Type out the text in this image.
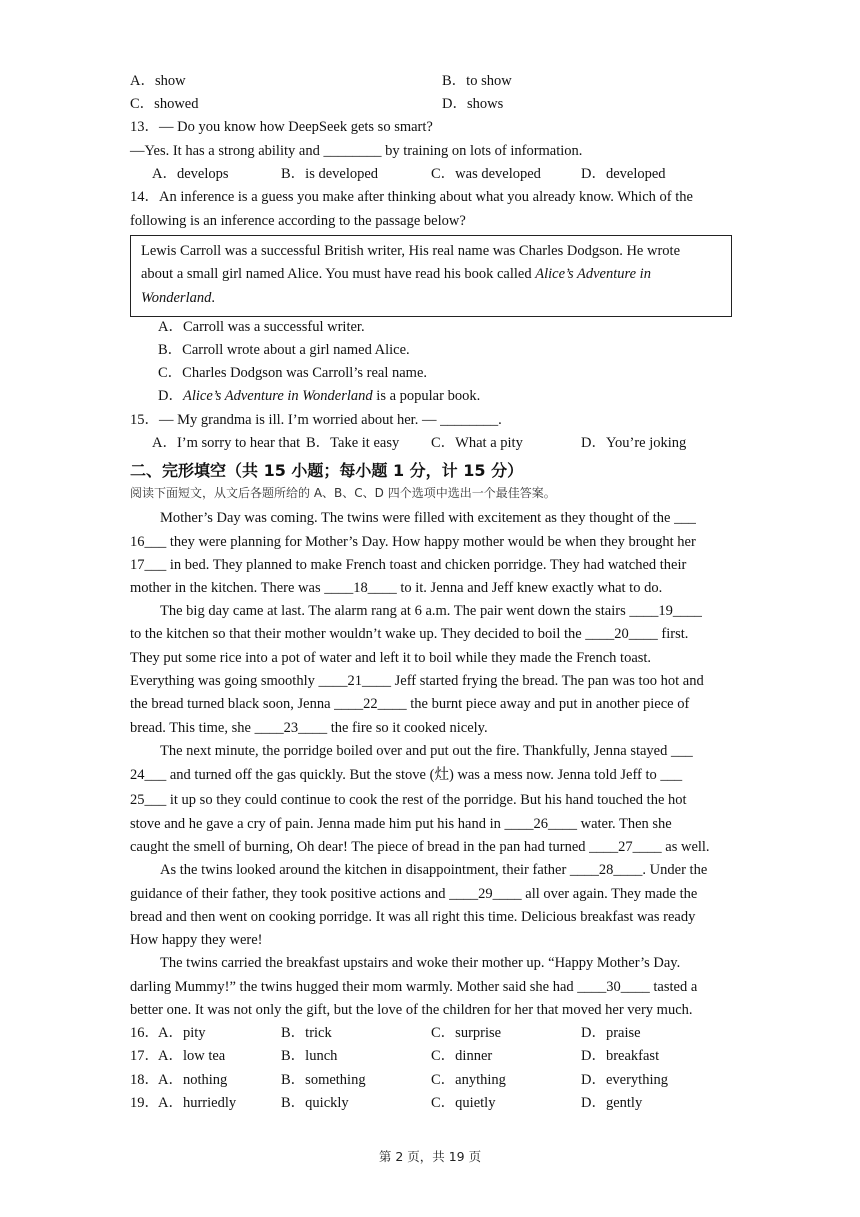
A．show	B．to show
C．showed	D．shows
13．— Do you know how DeepSeek gets so smart?
—Yes. It has a strong ability and ________ by training on lots of information.
A．develops	B．is developed	C．was developed	D．developed
14．An inference is a guess you make after thinking about what you already know. Which of the
following is an inference according to the passage below?
Lewis Carroll was a successful British writer, His real name was Charles Dodgson. He wrote
about a small girl named Alice. You must have read his book called Alice’s Adventure in
Wonderland.
A．Carroll was a successful writer.
B．Carroll wrote about a girl named Alice.
C．Charles Dodgson was Carroll’s real name.
D．Alice’s Adventure in Wonderland is a popular book.
15．— My grandma is ill. I’m worried about her. — ________.
A．I’m sorry to hear that B．Take it easy C．What a pity	D．You’re joking
二、完形填空（共 15 小题；每小题 1 分，计 15 分）
阅读下面短文，从文后各题所给的 A、B、C、D 四个选项中选出一个最佳答案。
Mother’s Day was coming. The twins were filled with excitement as they thought of the ___
16___ they were planning for Mother’s Day. How happy mother would be when they brought her
17___ in bed. They planned to make French toast and chicken porridge. They had watched their
mother in the kitchen. There was ____18____ to it. Jenna and Jeff knew exactly what to do.
The big day came at last. The alarm rang at 6 a.m. The pair went down the stairs ____19____
to the kitchen so that their mother wouldn’t wake up. They decided to boil the ____20____ first.
They put some rice into a pot of water and left it to boil while they made the French toast.
Everything was going smoothly ____21____ Jeff started frying the bread. The pan was too hot and
the bread turned black soon, Jenna ____22____ the burnt piece away and put in another piece of
bread. This time, she ____23____ the fire so it cooked nicely.
The next minute, the porridge boiled over and put out the fire. Thankfully, Jenna stayed ___
24___ and turned off the gas quickly. But the stove (灶) was a mess now. Jenna told Jeff to ___
25___ it up so they could continue to cook the rest of the porridge. But his hand touched the hot
stove and he gave a cry of pain. Jenna made him put his hand in ____26____ water. Then she
caught the smell of burning, Oh dear! The piece of bread in the pan had turned ____27____ as well.
As the twins looked around the kitchen in disappointment, their father ____28____. Under the
guidance of their father, they took positive actions and ____29____ all over again. They made the
bread and then went on cooking porridge. It was all right this time. Delicious breakfast was ready
How happy they were!
The twins carried the breakfast upstairs and woke their mother up. “Happy Mother’s Day.
darling Mummy!” the twins hugged their mom warmly. Mother said she had ____30____ tasted a
better one. It was not only the gift, but the love of the children for her that moved her very much.
16． A．pity	B．trick	C．surprise	D．praise
17． A．low tea	B．lunch	C．dinner	D．breakfast
18． A．nothing	B．something	C．anything	D．everything
19． A．hurriedly	B．quickly	C．quietly	D．gently
第 2 页，共 19 页
